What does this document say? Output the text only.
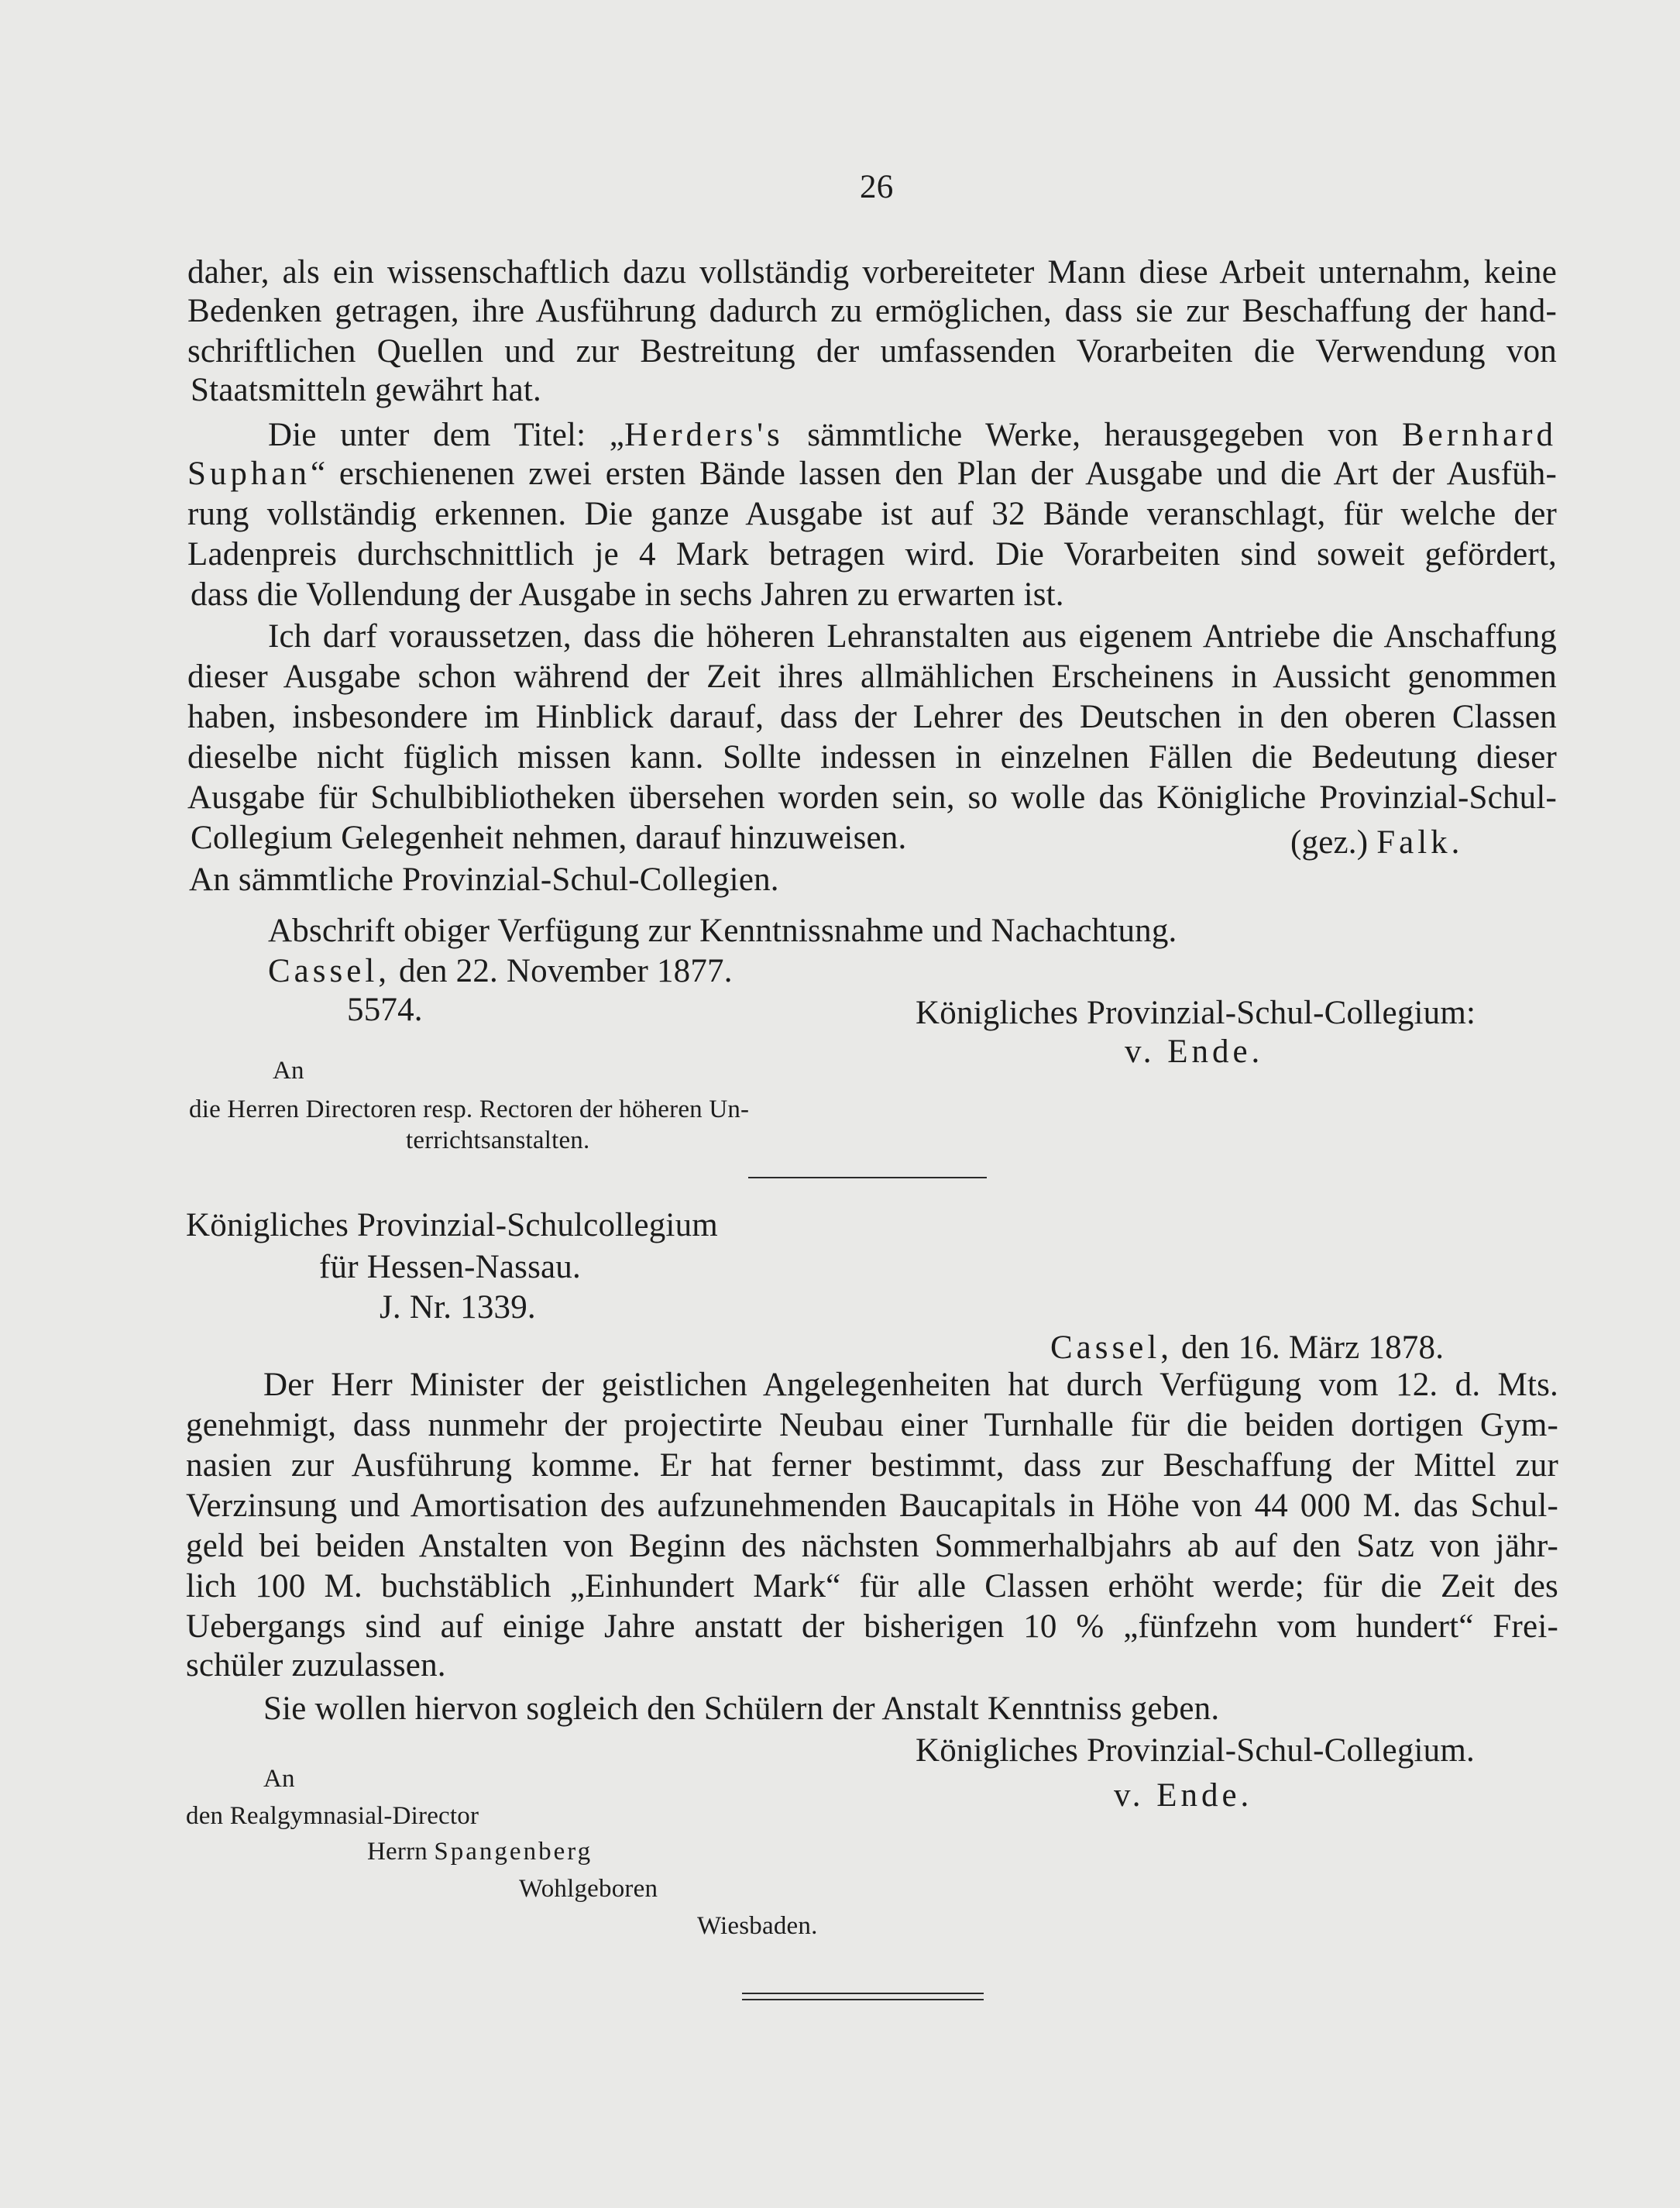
26

daher, als ein wissenschaftlich dazu vollständig vorbereiteter Mann diese Arbeit unternahm, keine

Bedenken getragen, ihre Ausführung dadurch zu ermöglichen, dass sie zur Beschaffung der hand-

schriftlichen Quellen und zur Bestreitung der umfassenden Vorarbeiten die Verwendung von

Staatsmitteln gewährt hat.

Die unter dem Titel: „Herders's sämmtliche Werke, herausgegeben von Bernhard

Suphan“ erschienenen zwei ersten Bände lassen den Plan der Ausgabe und die Art der Ausfüh-

rung vollständig erkennen. Die ganze Ausgabe ist auf 32 Bände veranschlagt, für welche der

Ladenpreis durchschnittlich je 4 Mark betragen wird. Die Vorarbeiten sind soweit gefördert,

dass die Vollendung der Ausgabe in sechs Jahren zu erwarten ist.

Ich darf voraussetzen, dass die höheren Lehranstalten aus eigenem Antriebe die Anschaffung

dieser Ausgabe schon während der Zeit ihres allmählichen Erscheinens in Aussicht genommen

haben, insbesondere im Hinblick darauf, dass der Lehrer des Deutschen in den oberen Classen

dieselbe nicht füglich missen kann. Sollte indessen in einzelnen Fällen die Bedeutung dieser

Ausgabe für Schulbibliotheken übersehen worden sein, so wolle das Königliche Provinzial-Schul-

Collegium Gelegenheit nehmen, darauf hinzuweisen.	(gez.) Falk.

An sämmtliche Provinzial-Schul-Collegien.

Abschrift obiger Verfügung zur Kenntnissnahme und Nachachtung.

Cassel, den 22. November 1877.

5574.	Königliches Provinzial-Schul-Collegium:

v. Ende.

An

die Herren Directoren resp. Rectoren der höheren Un-

terrichtsanstalten.

Königliches Provinzial-Schulcollegium

für Hessen-Nassau.

J. Nr. 1339.

Cassel, den 16. März 1878.

Der Herr Minister der geistlichen Angelegenheiten hat durch Verfügung vom 12. d. Mts.

genehmigt, dass nunmehr der projectirte Neubau einer Turnhalle für die beiden dortigen Gym-

nasien zur Ausführung komme. Er hat ferner bestimmt, dass zur Beschaffung der Mittel zur

Verzinsung und Amortisation des aufzunehmenden Baucapitals in Höhe von 44 000 M. das Schul-

geld bei beiden Anstalten von Beginn des nächsten Sommerhalbjahrs ab auf den Satz von jähr-

lich 100 M. buchstäblich „Einhundert Mark“ für alle Classen erhöht werde; für die Zeit des

Uebergangs sind auf einige Jahre anstatt der bisherigen 10 % „fünfzehn vom hundert“ Frei-

schüler zuzulassen.

Sie wollen hiervon sogleich den Schülern der Anstalt Kenntniss geben.

Königliches Provinzial-Schul-Collegium.

v. Ende.

An

den Realgymnasial-Director

Herrn Spangenberg

Wohlgeboren

Wiesbaden.
